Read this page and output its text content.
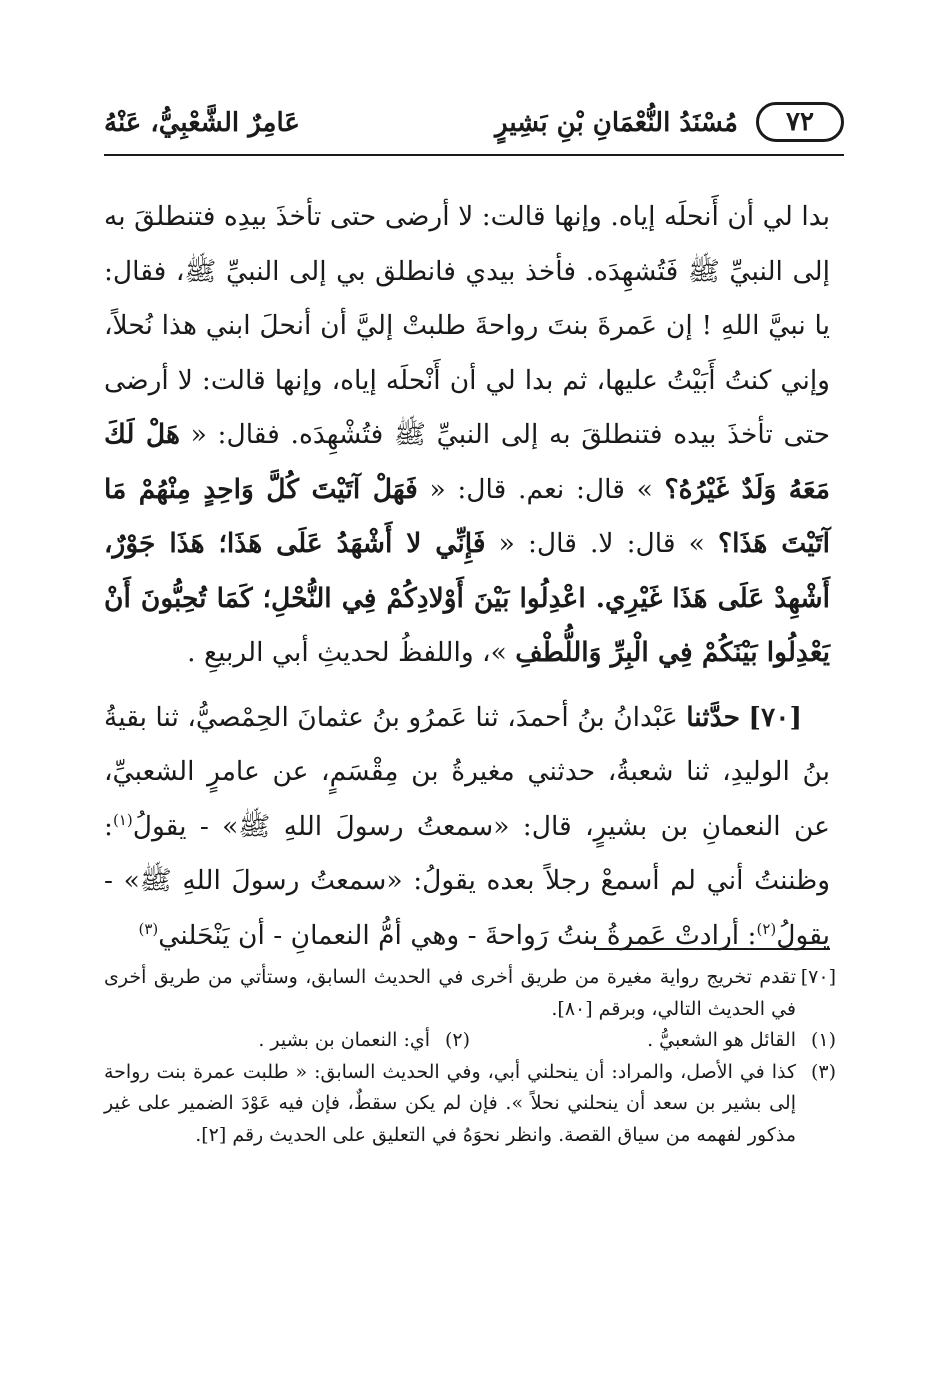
٧٢
مُسْنَدُ النُّعْمَانِ بْنِ بَشِيرٍ
عَامِرٌ الشَّعْبِيُّ، عَنْهُ

بدا لي أن أَنحلَه إياه. وإنها قالت: لا أرضى حتى تأخذَ بيدِه فتنطلقَ به إلى النبيِّ ﷺ فَتُشهِدَه. فأخذ بيدي فانطلق بي إلى النبيِّ ﷺ، فقال: يا نبيَّ اللهِ ! إن عَمرةَ بنتَ رواحةَ طلبتْ إليَّ أن أنحلَ ابني هذا نُحلاً، وإني كنتُ أَبَيْتُ عليها، ثم بدا لي أن أَنْحلَه إياه، وإنها قالت: لا أرضى حتى تأخذَ بيده فتنطلقَ به إلى النبيِّ ﷺ فتُشْهِدَه. فقال: « هَلْ لَكَ مَعَهُ وَلَدٌ غَيْرُهُ؟ » قال: نعم. قال: « فَهَلْ آتَيْتَ كُلَّ وَاحِدٍ مِنْهُمْ مَا آتَيْتَ هَذَا؟ » قال: لا. قال: « فَإِنِّي لا أَشْهَدُ عَلَى هَذَا؛ هَذَا جَوْرٌ، أَشْهِدْ عَلَى هَذَا غَيْرِي. اعْدِلُوا بَيْنَ أَوْلادِكُمْ فِي النُّحْلِ؛ كَمَا تُحِبُّونَ أَنْ يَعْدِلُوا بَيْنَكُمْ فِي الْبِرِّ وَاللُّطْفِ »، واللفظُ لحديثِ أبي الربيعِ .

[٧٠] حدَّثنا عَبْدانُ بنُ أحمدَ، ثنا عَمرُو بنُ عثمانَ الحِمْصيُّ، ثنا بقيةُ بنُ الوليدِ، ثنا شعبةُ، حدثني مغيرةُ بن مِقْسَمٍ، عن عامرٍ الشعبيِّ، عن النعمانِ بن بشيرٍ، قال: «سمعتُ رسولَ اللهِ ﷺ» - يقولُ$^{(١)}$: وظننتُ أني لم أسمعْ رجلاً بعده يقولُ: «سمعتُ رسولَ اللهِ ﷺ» - يقولُ$^{(٢)}$: أرادتْ عَمرةُ بنتُ رَواحةَ - وهي أمُّ النعمانِ - أن يَنْحَلني$^{(٣)}$

[٧٠]
تقدم تخريج رواية مغيرة من طريق أخرى في الحديث السابق، وستأتي من طريق أخرى في الحديث التالي، وبرقم [٨٠].
(١)
القائل هو الشعبيُّ .
(٢)
أي: النعمان بن بشير .
(٣)
كذا في الأصل، والمراد: أن ينحلني أبي، وفي الحديث السابق: « طلبت عمرة بنت رواحة إلى بشير بن سعد أن ينحلني نحلاً ». فإن لم يكن سقطٌ، فإن فيه عَوْدَ الضمير على غير مذكور لفهمه من سياق القصة. وانظر نحوَهُ في التعليق على الحديث رقم [٢].
